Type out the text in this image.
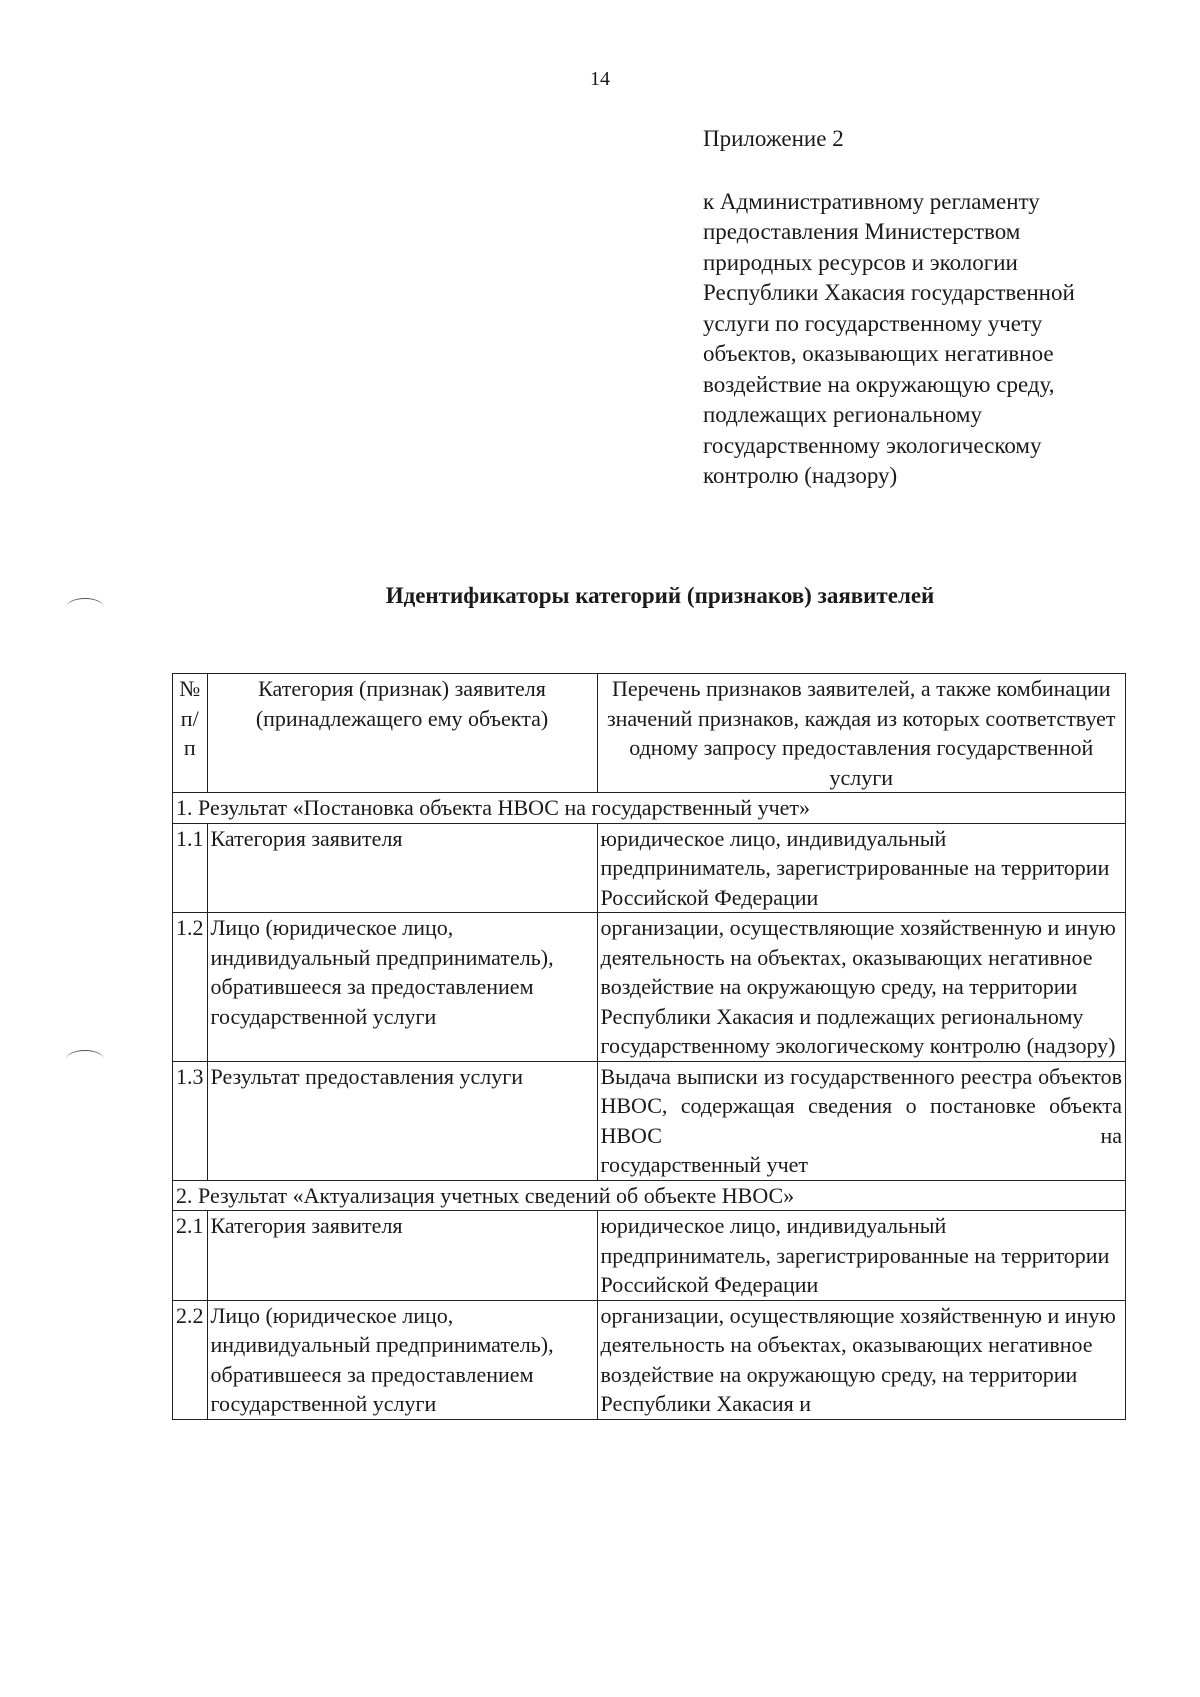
14

Приложение 2

к Административному регламенту
предоставления Министерством
природных ресурсов и экологии
Республики Хакасия государственной
услуги по государственному учету
объектов, оказывающих негативное
воздействие на окружающую среду,
подлежащих региональному
государственному экологическому
контролю (надзору)

Идентификаторы категорий (признаков) заявителей
№ п/п	Категория (признак) заявителя (принадлежащего ему объекта)	Перечень признаков заявителей, а также комбинации значений признаков, каждая из которых соответствует одному запросу предоставления государственной услуги
1. Результат «Постановка объекта НВОС на государственный учет»		
1.1	Категория заявителя	юридическое лицо, индивидуальный предприниматель, зарегистрированные на территории Российской Федерации
1.2	Лицо (юридическое лицо, индивидуальный предприниматель), обратившееся за предоставлением государственной услуги	организации, осуществляющие хозяйственную и иную деятельность на объектах, оказывающих негативное воздействие на окружающую среду, на территории Республики Хакасия и подлежащих региональному государственному экологическому контролю (надзору)
1.3	Результат предоставления услуги	Выдача выписки из государственного реестра объектов НВОС, содержащая сведения о постановке объекта НВОС на
государственный учет

2. Результат «Актуализация учетных сведений об объекте НВОС»		
2.1	Категория заявителя	юридическое лицо, индивидуальный предприниматель, зарегистрированные на территории Российской Федерации
2.2	Лицо (юридическое лицо, индивидуальный предприниматель), обратившееся за предоставлением государственной услуги	организации, осуществляющие хозяйственную и иную деятельность на объектах, оказывающих негативное воздействие на окружающую среду, на территории Республики Хакасия и
